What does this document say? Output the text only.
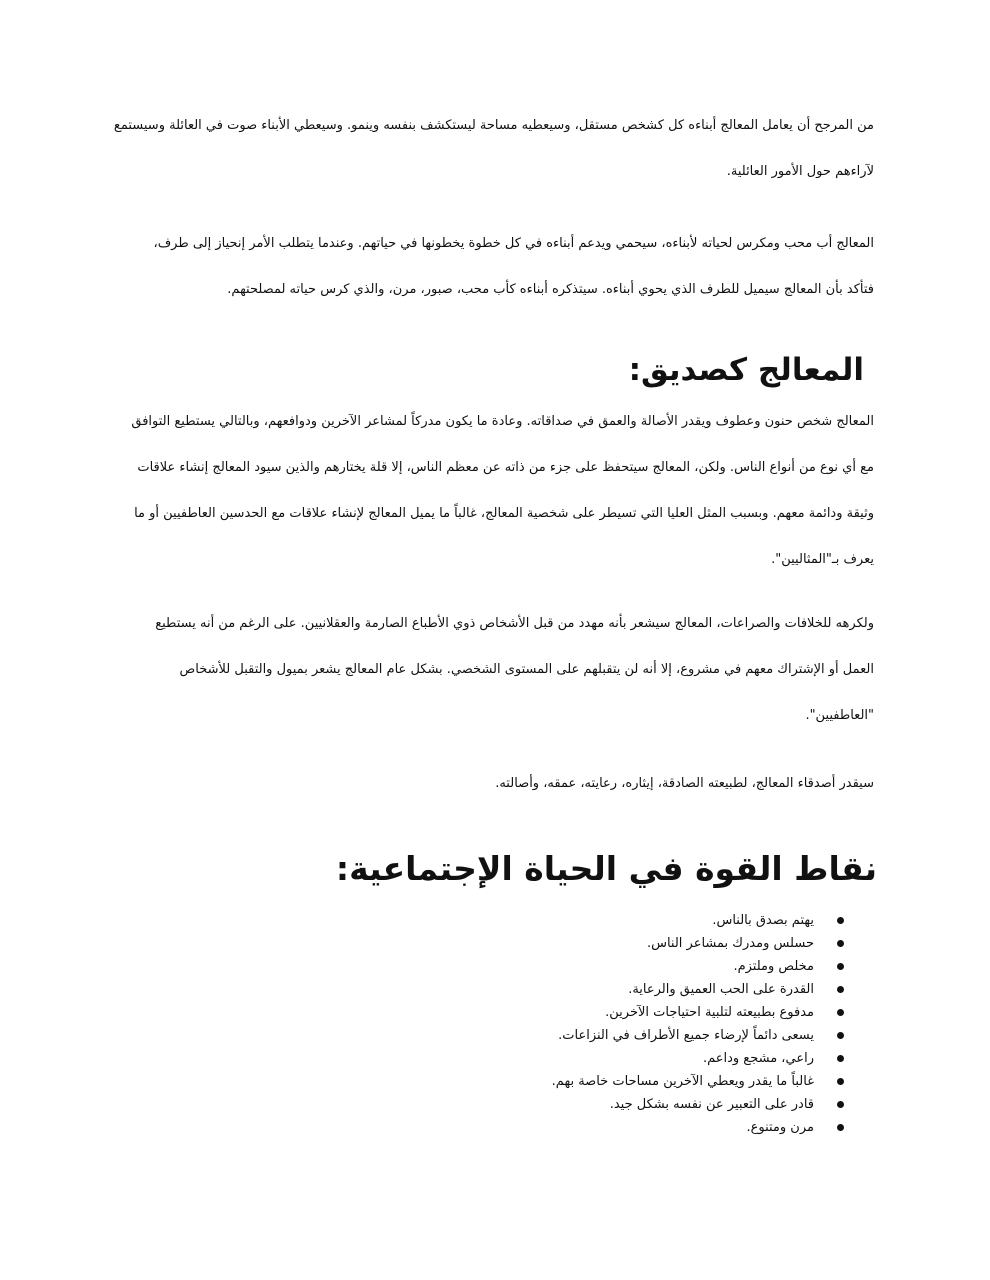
من المرجح أن يعامل المعالج أبناءه كل كشخص مستقل، وسيعطيه مساحة ليستكشف بنفسه وينمو. وسيعطي الأبناء صوت في العائلة وسيستمع
لآراءهم حول الأمور العائلية.
المعالج أب محب ومكرس لحياته لأبناءه، سيحمي ويدعم أبناءه في كل خطوة يخطونها في حياتهم. وعندما يتطلب الأمر إنحياز إلى طرف،
فتأكد بأن المعالج سيميل للطرف الذي يحوي أبناءه. سيتذكره أبناءه كأب محب، صبور، مرن، والذي كرس حياته لمصلحتهم.
المعالج كصديق:
المعالج شخص حنون وعطوف ويقدر الأصالة والعمق في صداقاته. وعادة ما يكون مدركاً لمشاعر الآخرين ودوافعهم، وبالتالي يستطيع التوافق
مع أي نوع من أنواع الناس. ولكن، المعالج سيتحفظ على جزء من ذاته عن معظم الناس، إلا قلة يختارهم والذين سيود المعالج إنشاء علاقات
وثيقة ودائمة معهم. وبسبب المثل العليا التي تسيطر على شخصية المعالج، غالباً ما يميل المعالج لإنشاء علاقات مع الحدسين العاطفيين أو ما
يعرف بـ"المثاليين".
ولكرهه للخلافات والصراعات، المعالج سيشعر بأنه مهدد من قبل الأشخاص ذوي الأطباع الصارمة والعقلانيين. على الرغم من أنه يستطيع
العمل أو الإشتراك معهم في مشروع، إلا أنه لن يتقبلهم على المستوى الشخصي. بشكل عام المعالج يشعر بميول والتقبل للأشخاص
"العاطفيين".
سيقدر أصدقاء المعالج، لطبيعته الصادقة، إيثاره، رعايته، عمقه، وأصالته.
نقاط القوة في الحياة الإجتماعية:
يهتم بصدق بالناس.
حسلس ومدرك بمشاعر الناس.
مخلص وملتزم.
القدرة على الحب العميق والرعاية.
مدفوع بطبيعته لتلبية احتياجات الآخرين.
يسعى دائماً لإرضاء جميع الأطراف في النزاعات.
راعي، مشجع وداعم.
غالباً ما يقدر ويعطي الآخرين مساحات خاصة بهم.
قادر على التعبير عن نفسه بشكل جيد.
مرن ومتنوع.
